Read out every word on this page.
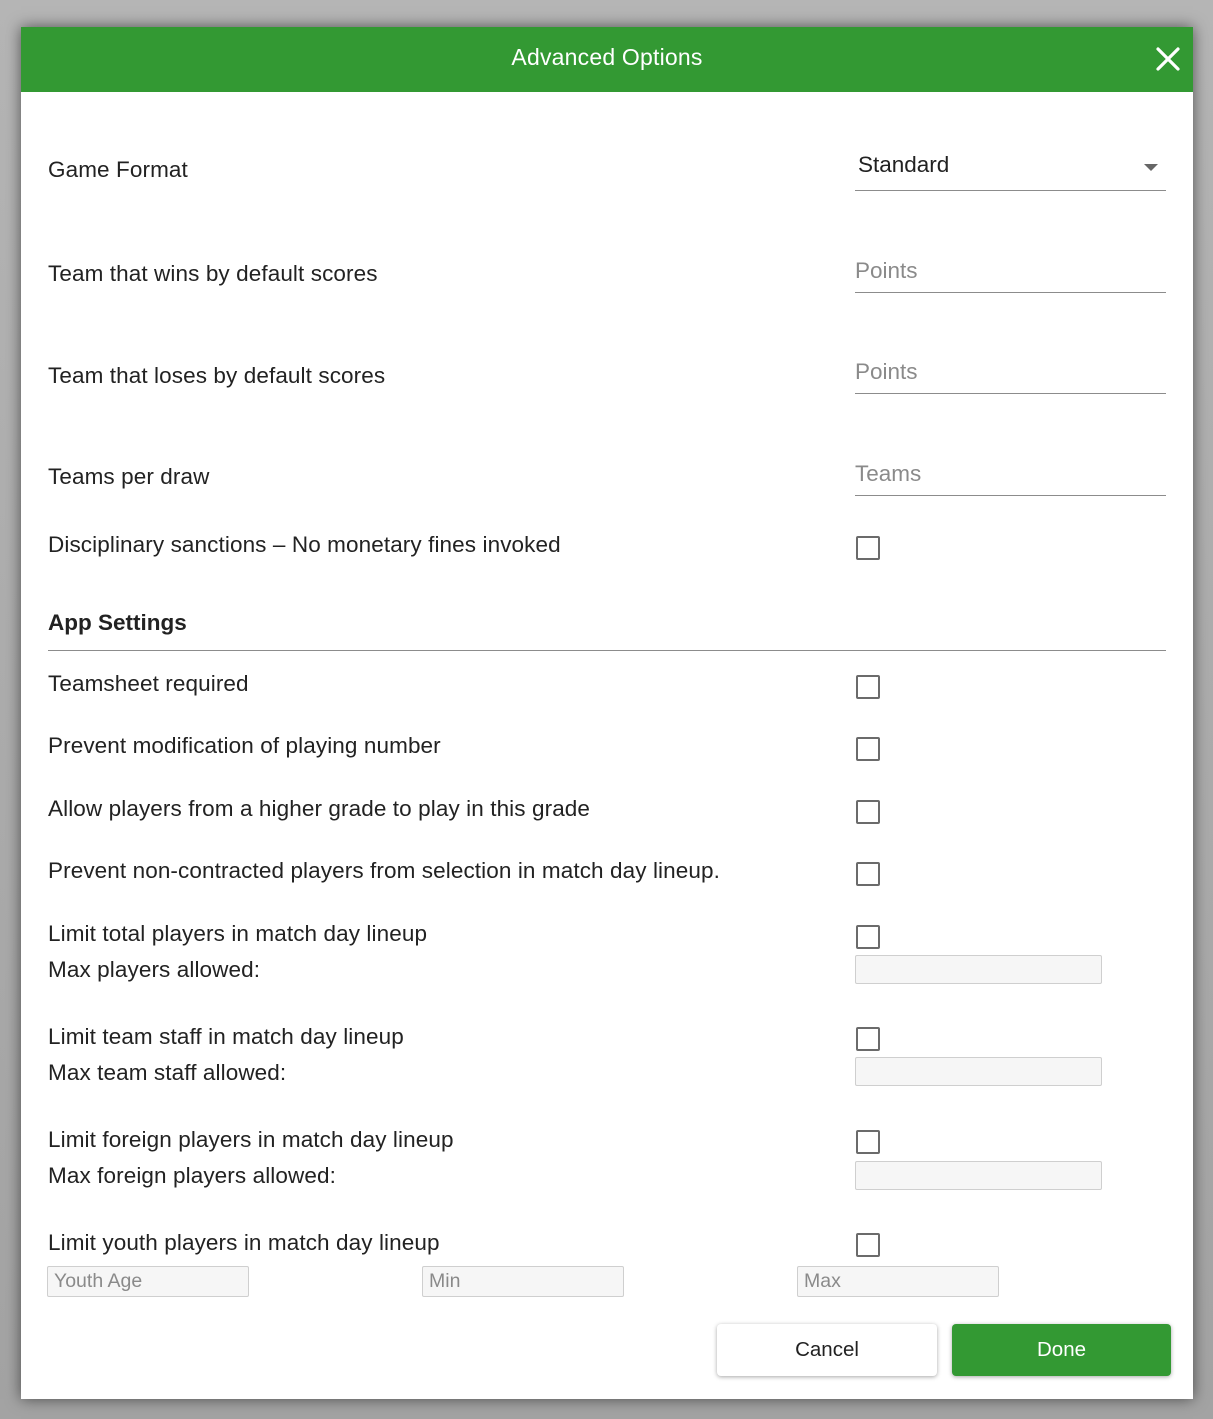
Advanced Options
Game Format	Standard
Team that wins by default scores
Points
Team that loses by default scores
Points
Teams per draw
Teams
Disciplinary sanctions – No monetary fines invoked
App Settings
Teamsheet required
Prevent modification of playing number
Allow players from a higher grade to play in this grade
Prevent non-contracted players from selection in match day lineup.
Limit total players in match day lineup
Max players allowed:
Limit team staff in match day lineup
Max team staff allowed:
Limit foreign players in match day lineup
Max foreign players allowed:
Limit youth players in match day lineup
Youth Age
Min
Max
Cancel	Done
